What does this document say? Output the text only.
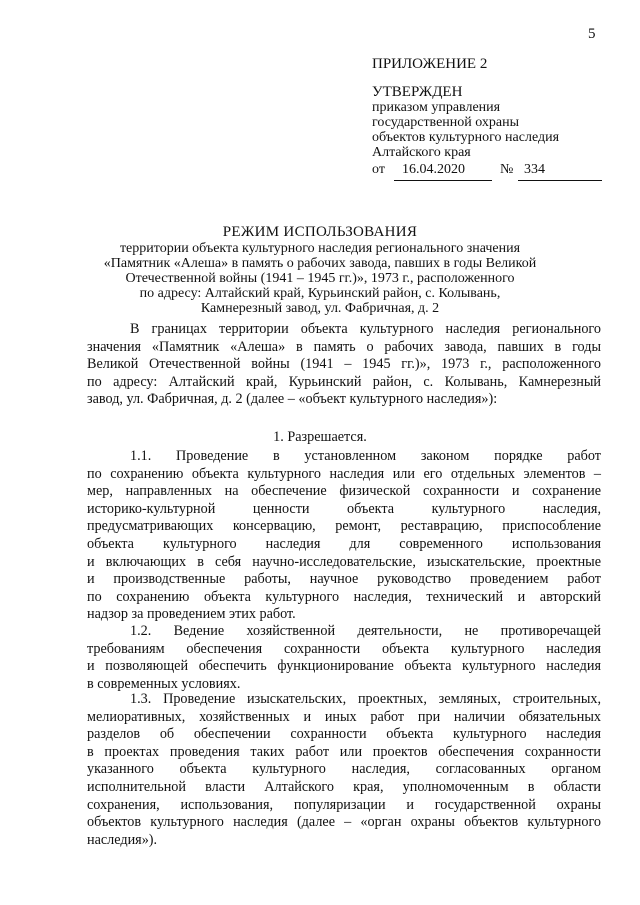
5
ПРИЛОЖЕНИЕ 2
УТВЕРЖДЕН
приказом управления
государственной охраны
объектов культурного наследия
Алтайского края
от 16.04.2020	№ 334
РЕЖИМ ИСПОЛЬЗОВАНИЯ
территории объекта культурного наследия регионального значения
«Памятник «Алеша» в память о рабочих завода, павших в годы Великой
Отечественной войны (1941 – 1945 гг.)», 1973 г., расположенного
по адресу: Алтайский край, Курьинский район, с. Колывань,
Камнерезный завод, ул. Фабричная, д. 2
В границах территории объекта культурного наследия регионального
значения «Памятник «Алеша» в память о рабочих завода, павших в годы
Великой Отечественной войны (1941 – 1945 гг.)», 1973 г., расположенного
по адресу: Алтайский край, Курьинский район, с. Колывань, Камнерезный
завод, ул. Фабричная, д. 2 (далее – «объект культурного наследия»):
1. Разрешается.
1.1. Проведение в установленном законом порядке работ
по сохранению объекта культурного наследия или его отдельных элементов –
мер, направленных на обеспечение физической сохранности и сохранение
историко-культурной ценности объекта культурного наследия,
предусматривающих консервацию, ремонт, реставрацию, приспособление
объекта культурного наследия для современного использования
и включающих в себя научно-исследовательские, изыскательские, проектные
и производственные работы, научное руководство проведением работ
по сохранению объекта культурного наследия, технический и авторский
надзор за проведением этих работ.
1.2. Ведение хозяйственной деятельности, не противоречащей
требованиям обеспечения сохранности объекта культурного наследия
и позволяющей обеспечить функционирование объекта культурного наследия
в современных условиях.
1.3. Проведение изыскательских, проектных, земляных, строительных,
мелиоративных, хозяйственных и иных работ при наличии обязательных
разделов об обеспечении сохранности объекта культурного наследия
в проектах проведения таких работ или проектов обеспечения сохранности
указанного объекта культурного наследия, согласованных органом
исполнительной власти Алтайского края, уполномоченным в области
сохранения, использования, популяризации и государственной охраны
объектов культурного наследия (далее – «орган охраны объектов культурного
наследия»).
